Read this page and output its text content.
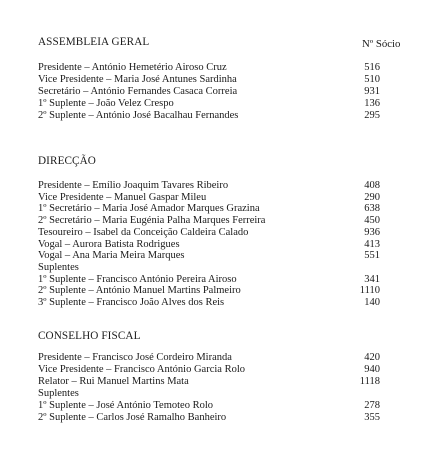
ASSEMBLEIA GERAL	Nº Sócio
Presidente – António Hemetério Airoso Cruz	516
Vice Presidente – Maria José Antunes Sardinha	510
Secretário – António Fernandes Casaca Correia	931
1º Suplente – João Velez Crespo	136
2º Suplente – António José Bacalhau Fernandes	295
DIRECÇÃO
Presidente – Emílio Joaquim Tavares Ribeiro	408
Vice Presidente – Manuel Gaspar Mileu	290
1º Secretário – Maria José Amador Marques Grazina	638
2º Secretário – Maria Eugénia Palha Marques Ferreira	450
Tesoureiro – Isabel da Conceição Caldeira Calado	936
Vogal – Aurora Batista Rodrigues	413
Vogal – Ana Maria Meira Marques	551
Suplentes
1º Suplente – Francisco António Pereira Airoso	341
2º Suplente – António Manuel Martins Palmeiro	1110
3º Suplente – Francisco João Alves dos Reis	140
CONSELHO FISCAL
Presidente – Francisco José Cordeiro Miranda	420
Vice Presidente – Francisco António Garcia Rolo	940
Relator – Rui Manuel Martins Mata	1118
Suplentes
1º Suplente – José António Temoteo Rolo	278
2º Suplente – Carlos José Ramalho Banheiro	355
